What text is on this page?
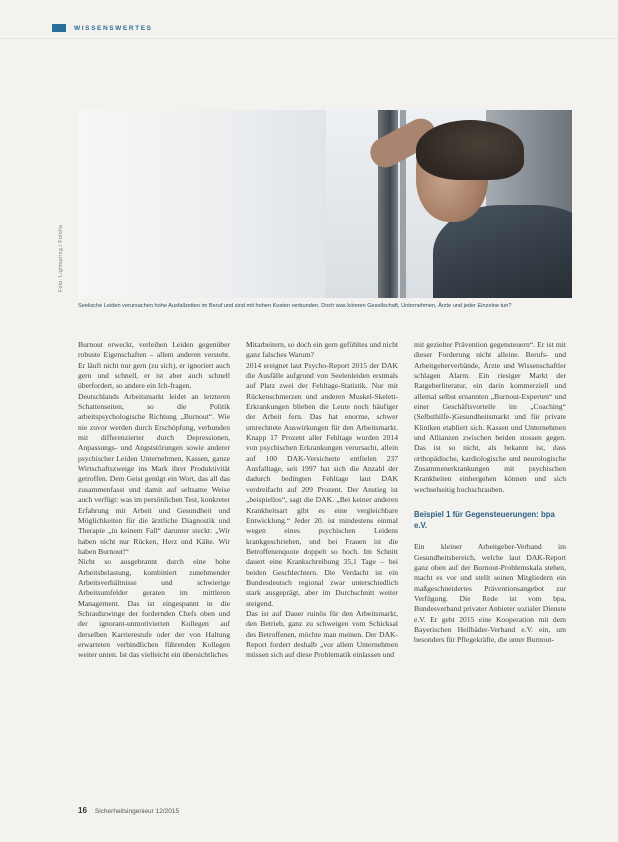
WISSENSWERTES
Foto: Lightspring / Fotolia
Seelische Leiden verursachen hohe Ausfallzeiten im Beruf und sind mit hohen Kosten verbunden. Doch was können Gesellschaft, Unternehmen, Ärzte und jeder Einzelne tun?

Burnout erweckt, verleihen Leiden gegenüber robuste Eigenschaften – allem anderen versteht. Er läuft nicht nur gern (zu sich), er ignoriert auch gern und schnell, er ist aber auch schnell überfordert, so andere ein Ich-fragen.

Deutschlands Arbeitsmarkt leidet an letzteren Schattenseiten, so die Politik arbeitspsychologische Richtung „Burnout“. Wie nie zuvor werden durch Erschöpfung, verbunden mit differenzierter durch Depressionen, Anpassungs- und Angststörungen sowie anderer psychischer Leiden Unternehmen, Kassen, ganze Wirtschaftszweige ins Mark ihrer Produktivität getroffen. Dem Geist genügt ein Wort, das all das zusammenfasst und damit auf seltsame Weise auch verfügt: was im persönlichen Test, konkreter Erfahrung mit Arbeit und Gesundheit und Möglichkeiten für die ärztliche Diagnostik und Therapie „in keinem Fall“ darunter steckt: „Wir haben nicht nur Rücken, Herz und Kälte. Wir haben Burnout!“

Nicht so ausgebrannt durch eine hohe Arbeitsbelastung, kombiniert zunehmender Arbeitsverhältnisse und schwierige Arbeitsumfelder geraten im mittleren Management. Das ist eingespannt in die Schraubzwinge der fordernden Chefs oben und der ignorant-unmotivierten Kollegen auf derselben Karrierestufe oder der von Haltung erwarteten verbindlichen führenden Kollegen weiter unten. Ist das vielleicht ein übersichtliches

Mitarbeitern, so doch ein gern gefühltes und nicht ganz falsches Warum?

2014 ereignet laut Psycho-Report 2015 der DAK die Ausfälle aufgrund von Seelenleiden erstmals auf Platz zwei der Fehltage-Statistik. Nur mit Rückenschmerzen und anderen Muskel-Skelett-Erkrankungen blieben die Leute noch häufiger der Arbeit fern. Das hat enorme, schwer umrechnete Auswirkungen für den Arbeitsmarkt. Knapp 17 Prozent aller Fehltage wurden 2014 von psychischen Erkrankungen verursacht, allein auf 100 DAK-Versicherte entfielen 237 Ausfalltage, seit 1997 hat sich die Anzahl der dadurch bedingten Fehltage laut DAK verdreifacht auf 209 Prozent. Der Anstieg ist „beispiellos“, sagt die DAK. „Bei keiner anderen Krankheitsart gibt es eine vergleichbare Entwicklung.“ Jeder 20. ist mindestens einmal wegen eines psychischen Leidens krankgeschrieben, und bei Frauen ist die Betroffenenquote doppelt so hoch. Im Schnitt dauert eine Krankschreibung 35,1 Tage – bei beiden Geschlechtern. Die Verdacht ist ein Bundesdeutsch regional zwar unterschiedlich stark ausgeprägt, aber im Durchschnitt weiter steigend.

Das ist auf Dauer ruinös für den Arbeitsmarkt, den Betrieb, ganz zu schweigen vom Schicksal des Betroffenen, möchte man meinen. Der DAK-Report fordert deshalb „vor allem Unternehmen müssen sich auf diese Problematik einlassen und

mit gezielter Prävention gegensteuern“. Er ist mit dieser Forderung nicht alleine. Berufs- und Arbeitgeberverbände, Ärzte und Wissenschaftler schlagen Alarm. Ein riesiger Markt der Ratgeberliteratur, ein darin kommerziell und allemal selbst ernannten „Burnout-Experten“ und einer Geschäftsvorteile im „Coaching“ (Selbsthilfe-)Gesundheitsmarkt und für private Kliniken etabliert sich. Kassen und Unternehmen und Allianzen zwischen beiden stossen gegen. Das ist so nicht, als bekannt ist, dass orthopädische, kardiologische und neurologische Zusammenerkrankungen mit psychischen Krankheiten einhergehen können und sich wechselseitig hochschrauben.

Beispiel 1 für Gegensteuerungen: bpa e.V.

Ein kleiner Arbeitgeber-Verband im Gesundheitsbereich, welche laut DAK-Report ganz oben auf der Burnout-Problemskala stehen, macht es vor und stellt seinen Mitgliedern ein maßgeschneidertes Präventionsangebot zur Verfügung. Die Rede ist vom bpa, Bundesverband privater Anbieter sozialer Dienste e.V. Er geht 2015 eine Kooperation mit dem Bayerischen Heilbäder-Verband e.V. ein, um besonders für Pflegekräfte, die unter Burnout-

16 Sicherheitsingenieur 12/2015
